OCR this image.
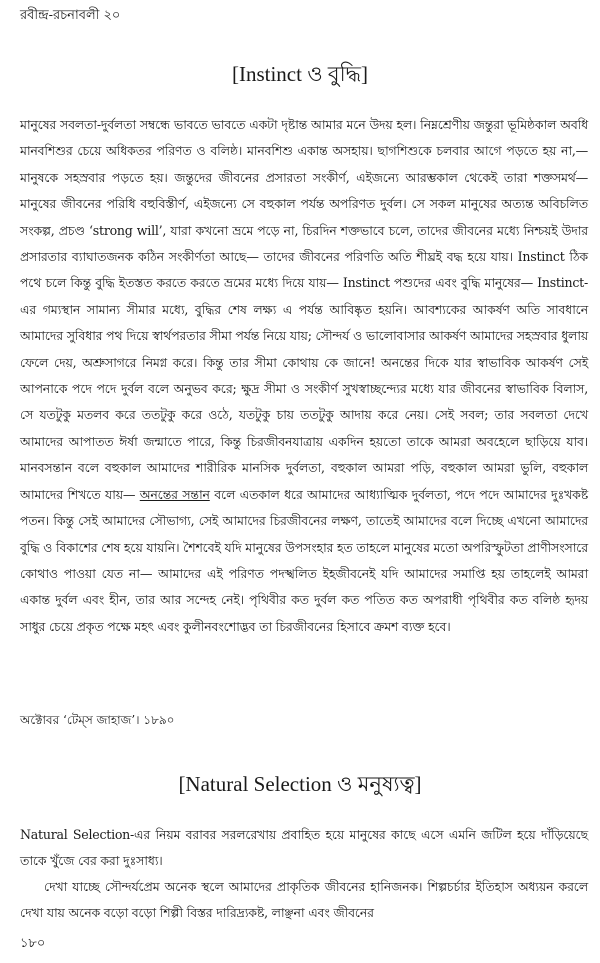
রবীন্দ্র-রচনাবলী ২০
[Instinct ও বুদ্ধি]

মানুষের সবলতা-দুর্বলতা সম্বন্ধে ভাবতে ভাবতে একটা দৃষ্টান্ত আমার মনে উদয় হল। নিম্নশ্রেণীয় জন্তুরা ভূমিষ্ঠকাল অবধি মানবশিশুর চেয়ে অধিকতর পরিণত ও বলিষ্ঠ। মানবশিশু একান্ত অসহায়। ছাগশিশুকে চলবার আগে পড়তে হয় না,— মানুষকে সহস্রবার পড়তে হয়। জন্তুদের জীবনের প্রসারতা সংকীর্ণ, এইজন্যে আরম্ভকাল থেকেই তারা শক্তসমর্থ— মানুষের জীবনের পরিধি বহুবিস্তীর্ণ, এইজন্যে সে বহুকাল পর্যন্ত অপরিণত দুর্বল। সে সকল মানুষের অত্যন্ত অবিচলিত সংকল্প, প্রচণ্ড ‘strong will’, যারা কখনো ভ্রমে পড়ে না, চিরদিন শক্তভাবে চলে, তাদের জীবনের মধ্যে নিশ্চয়ই উদার প্রসারতার ব্যাঘাতজনক কঠিন সংকীর্ণতা আছে— তাদের জীবনের পরিণতি অতি শীঘ্রই বদ্ধ হয়ে যায়। Instinct ঠিক পথে চলে কিন্তু বুদ্ধি ইতস্তত করতে করতে ভ্রমের মধ্যে দিয়ে যায়— Instinct পশুদের এবং বুদ্ধি মানুষের— Instinct-এর গম্যস্থান সামান্য সীমার মধ্যে, বুদ্ধির শেষ লক্ষ্য এ পর্যন্ত আবিষ্কৃত হয়নি। আবশ্যকের আকর্ষণ অতি সাবধানে আমাদের সুবিধার পথ দিয়ে স্বার্থপরতার সীমা পর্যন্ত নিয়ে যায়; সৌন্দর্য ও ভালোবাসার আকর্ষণ আমাদের সহস্রবার ধুলায় ফেলে দেয়, অশ্রুসাগরে নিমগ্ন করে। কিন্তু তার সীমা কোথায় কে জানে! অনন্তের দিকে যার স্বাভাবিক আকর্ষণ সেই আপনাকে পদে পদে দুর্বল বলে অনুভব করে; ক্ষুদ্র সীমা ও সংকীর্ণ সুখস্বাচ্ছন্দ্যের মধ্যে যার জীবনের স্বাভাবিক বিলাস, সে যতটুকু মতলব করে ততটুকু করে ওঠে, যতটুকু চায় ততটুকু আদায় করে নেয়। সেই সবল; তার সবলতা দেখে আমাদের আপাতত ঈর্ষা জন্মাতে পারে, কিন্তু চিরজীবনযাত্রায় একদিন হয়তো তাকে আমরা অবহেলে ছাড়িয়ে যাব। মানবসন্তান বলে বহুকাল আমাদের শারীরিক মানসিক দুর্বলতা, বহুকাল আমরা পড়ি, বহুকাল আমরা ভুলি, বহুকাল আমাদের শিখতে যায়— অনন্তের সন্তান বলে এতকাল ধরে আমাদের আধ্যাত্মিক দুর্বলতা, পদে পদে আমাদের দুঃখকষ্ট পতন। কিন্তু সেই আমাদের সৌভাগ্য, সেই আমাদের চিরজীবনের লক্ষণ, তাতেই আমাদের বলে দিচ্ছে এখনো আমাদের বুদ্ধি ও বিকাশের শেষ হয়ে যায়নি। শৈশবেই যদি মানুষের উপসংহার হত তাহলে মানুষের মতো অপরিস্ফুটতা প্রাণীসংসারে কোথাও পাওয়া যেত না— আমাদের এই পরিণত পদস্খলিত ইহজীবনেই যদি আমাদের সমাপ্তি হয় তাহলেই আমরা একান্ত দুর্বল এবং হীন, তার আর সন্দেহ নেই। পৃথিবীর কত দুর্বল কত পতিত কত অপরাধী পৃথিবীর কত বলিষ্ঠ হৃদয় সাধুর চেয়ে প্রকৃত পক্ষে মহৎ এবং কুলীনবংশোদ্ভব তা চিরজীবনের হিসাবে ক্রমশ ব্যক্ত হবে।

অক্টোবর ‘টেম্‌স জাহাজ’। ১৮৯০
[Natural Selection ও মনুষ্যত্ব]

Natural Selection-এর নিয়ম বরাবর সরলরেখায় প্রবাহিত হয়ে মানুষের কাছে এসে এমনি জটিল হয়ে দাঁড়িয়েছে তাকে খুঁজে বের করা দুঃসাধ্য।

দেখা যাচ্ছে সৌন্দর্যপ্রেম অনেক স্থলে আমাদের প্রাকৃতিক জীবনের হানিজনক। শিল্পচর্চার ইতিহাস অধ্যয়ন করলে দেখা যায় অনেক বড়ো বড়ো শিল্পী বিস্তর দারিদ্র্যকষ্ট, লাঞ্ছনা এবং জীবনের

১৮০
